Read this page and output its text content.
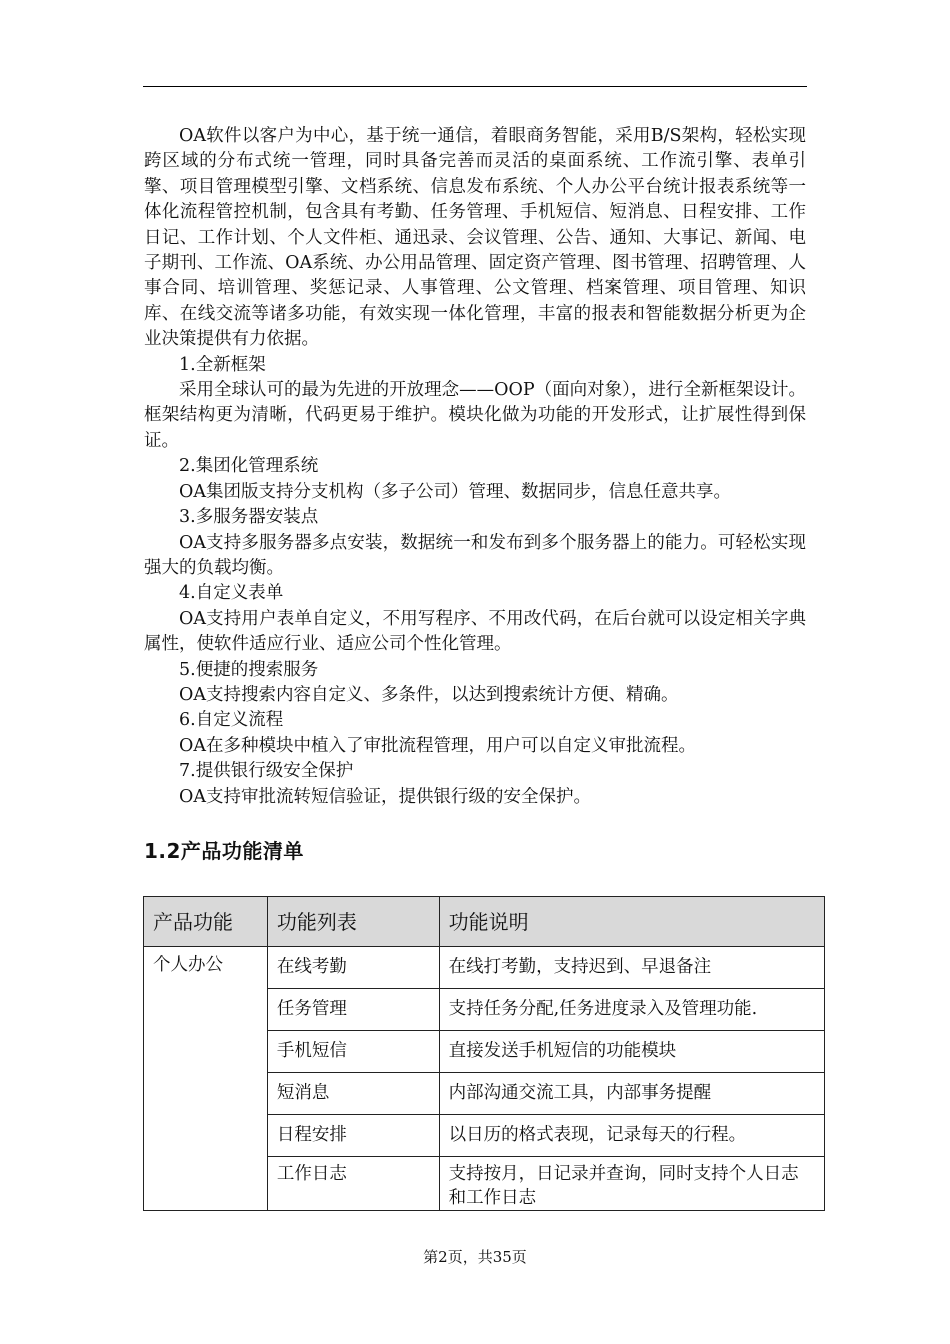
OA软件以客户为中心，基于统一通信，着眼商务智能，采用B/S架构，轻松实现跨区域的分布式统一管理，同时具备完善而灵活的桌面系统、工作流引擎、表单引擎、项目管理模型引擎、文档系统、信息发布系统、个人办公平台统计报表系统等一体化流程管控机制，包含具有考勤、任务管理、手机短信、短消息、日程安排、工作日记、工作计划、个人文件柜、通迅录、会议管理、公告、通知、大事记、新闻、电子期刊、工作流、OA系统、办公用品管理、固定资产管理、图书管理、招聘管理、人事合同、培训管理、奖惩记录、人事管理、公文管理、档案管理、项目管理、知识库、在线交流等诸多功能，有效实现一体化管理，丰富的报表和智能数据分析更为企业决策提供有力依据。

1.全新框架

采用全球认可的最为先进的开放理念——OOP（面向对象），进行全新框架设计。框架结构更为清晰，代码更易于维护。模块化做为功能的开发形式，让扩展性得到保证。

2.集团化管理系统

OA集团版支持分支机构（多子公司）管理、数据同步，信息任意共享。

3.多服务器安装点

OA支持多服务器多点安装，数据统一和发布到多个服务器上的能力。可轻松实现强大的负载均衡。

4.自定义表单

OA支持用户表单自定义，不用写程序、不用改代码，在后台就可以设定相关字典属性，使软件适应行业、适应公司个性化管理。

5.便捷的搜索服务

OA支持搜索内容自定义、多条件，以达到搜索统计方便、精确。

6.自定义流程

OA在多种模块中植入了审批流程管理，用户可以自定义审批流程。

7.提供银行级安全保护

OA支持审批流转短信验证，提供银行级的安全保护。

1.2产品功能清单
产品功能	功能列表	功能说明
个人办公	在线考勤	在线打考勤，支持迟到、早退备注
	任务管理	支持任务分配,任务进度录入及管理功能.
	手机短信	直接发送手机短信的功能模块
	短消息	内部沟通交流工具，内部事务提醒
	日程安排	以日历的格式表现，记录每天的行程。
	工作日志	支持按月，日记录并查询，同时支持个人日志和工作日志
第2页，共35页
